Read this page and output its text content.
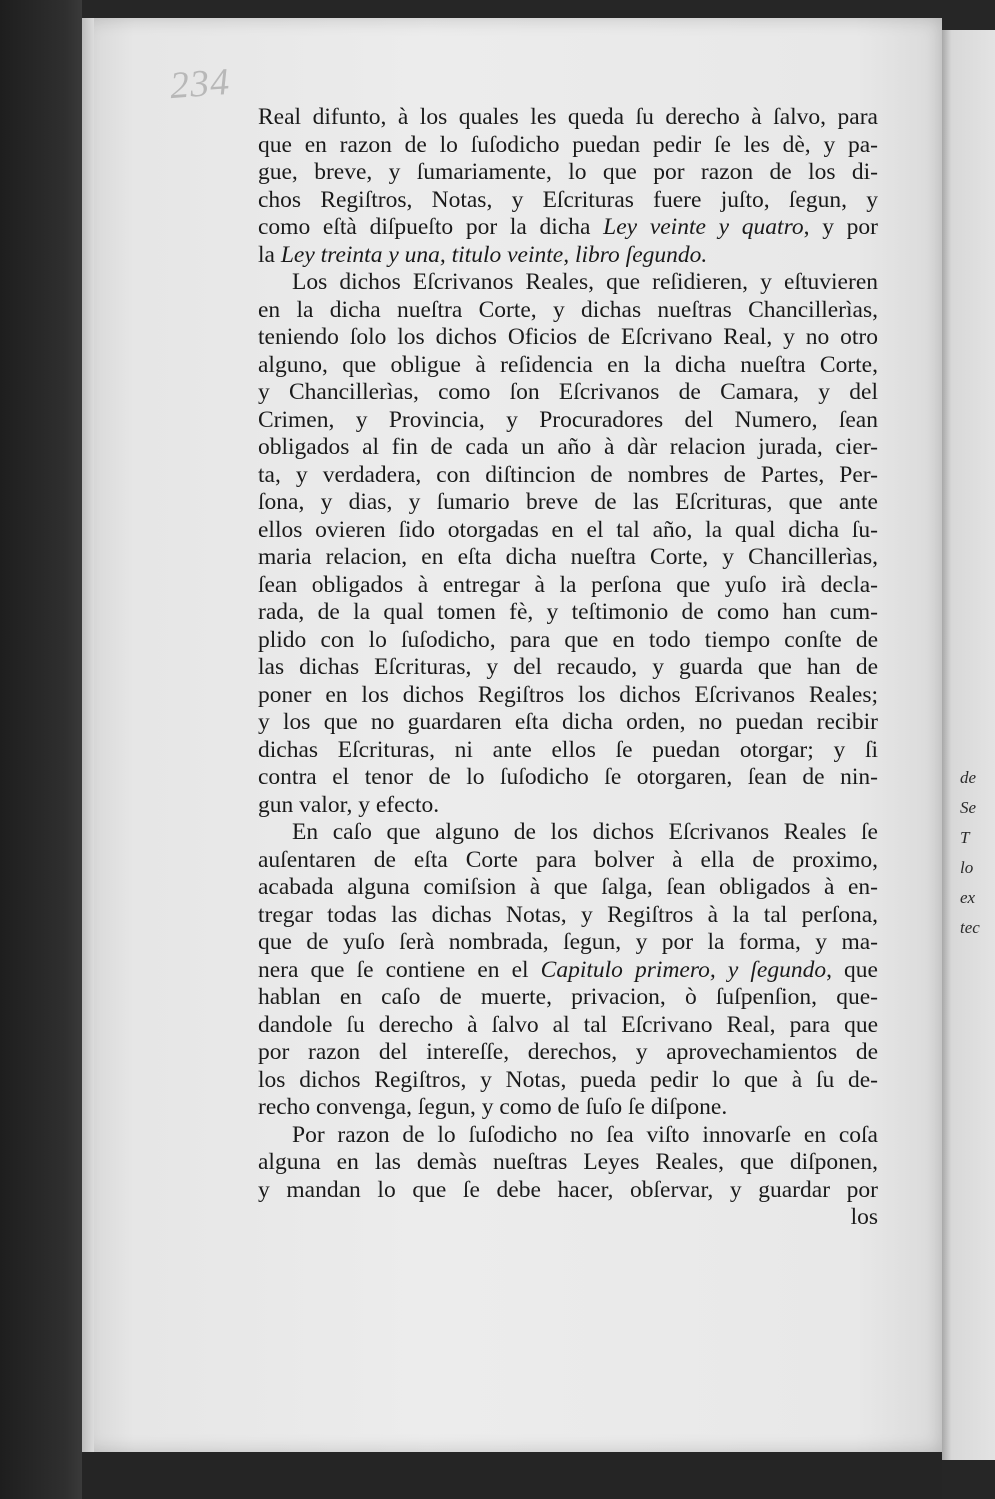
de
Se
T
lo
ex
tec
234

Real difunto, à los quales les queda ſu derecho à ſalvo, para
que en razon de lo ſuſodicho puedan pedir ſe les dè, y pa-
gue, breve, y ſumariamente, lo que por razon de los di-
chos Regiſtros, Notas, y Eſcrituras fuere juſto, ſegun, y
como eſtà diſpueſto por la dicha Ley veinte y quatro, y por
la Ley treinta y una, titulo veinte, libro ſegundo.
Los dichos Eſcrivanos Reales, que reſidieren, y eſtuvieren
en la dicha nueſtra Corte, y dichas nueſtras Chancillerìas,
teniendo ſolo los dichos Oficios de Eſcrivano Real, y no otro
alguno, que obligue à reſidencia en la dicha nueſtra Corte,
y Chancillerìas, como ſon Eſcrivanos de Camara, y del
Crimen, y Provincia, y Procuradores del Numero, ſean
obligados al fin de cada un año à dàr relacion jurada, cier-
ta, y verdadera, con diſtincion de nombres de Partes, Per-
ſona, y dias, y ſumario breve de las Eſcrituras, que ante
ellos ovieren ſido otorgadas en el tal año, la qual dicha ſu-
maria relacion, en eſta dicha nueſtra Corte, y Chancillerìas,
ſean obligados à entregar à la perſona que yuſo irà decla-
rada, de la qual tomen fè, y teſtimonio de como han cum-
plido con lo ſuſodicho, para que en todo tiempo conſte de
las dichas Eſcrituras, y del recaudo, y guarda que han de
poner en los dichos Regiſtros los dichos Eſcrivanos Reales;
y los que no guardaren eſta dicha orden, no puedan recibir
dichas Eſcrituras, ni ante ellos ſe puedan otorgar; y ſi
contra el tenor de lo ſuſodicho ſe otorgaren, ſean de nin-
gun valor, y efecto.
En caſo que alguno de los dichos Eſcrivanos Reales ſe
auſentaren de eſta Corte para bolver à ella de proximo,
acabada alguna comiſsion à que ſalga, ſean obligados à en-
tregar todas las dichas Notas, y Regiſtros à la tal perſona,
que de yuſo ſerà nombrada, ſegun, y por la forma, y ma-
nera que ſe contiene en el Capitulo primero, y ſegundo, que
hablan en caſo de muerte, privacion, ò ſuſpenſion, que-
dandole ſu derecho à ſalvo al tal Eſcrivano Real, para que
por razon del intereſſe, derechos, y aprovechamientos de
los dichos Regiſtros, y Notas, pueda pedir lo que à ſu de-
recho convenga, ſegun, y como de ſuſo ſe diſpone.
Por razon de lo ſuſodicho no ſea viſto innovarſe en coſa
alguna en las demàs nueſtras Leyes Reales, que diſponen,
y mandan lo que ſe debe hacer, obſervar, y guardar por
los
